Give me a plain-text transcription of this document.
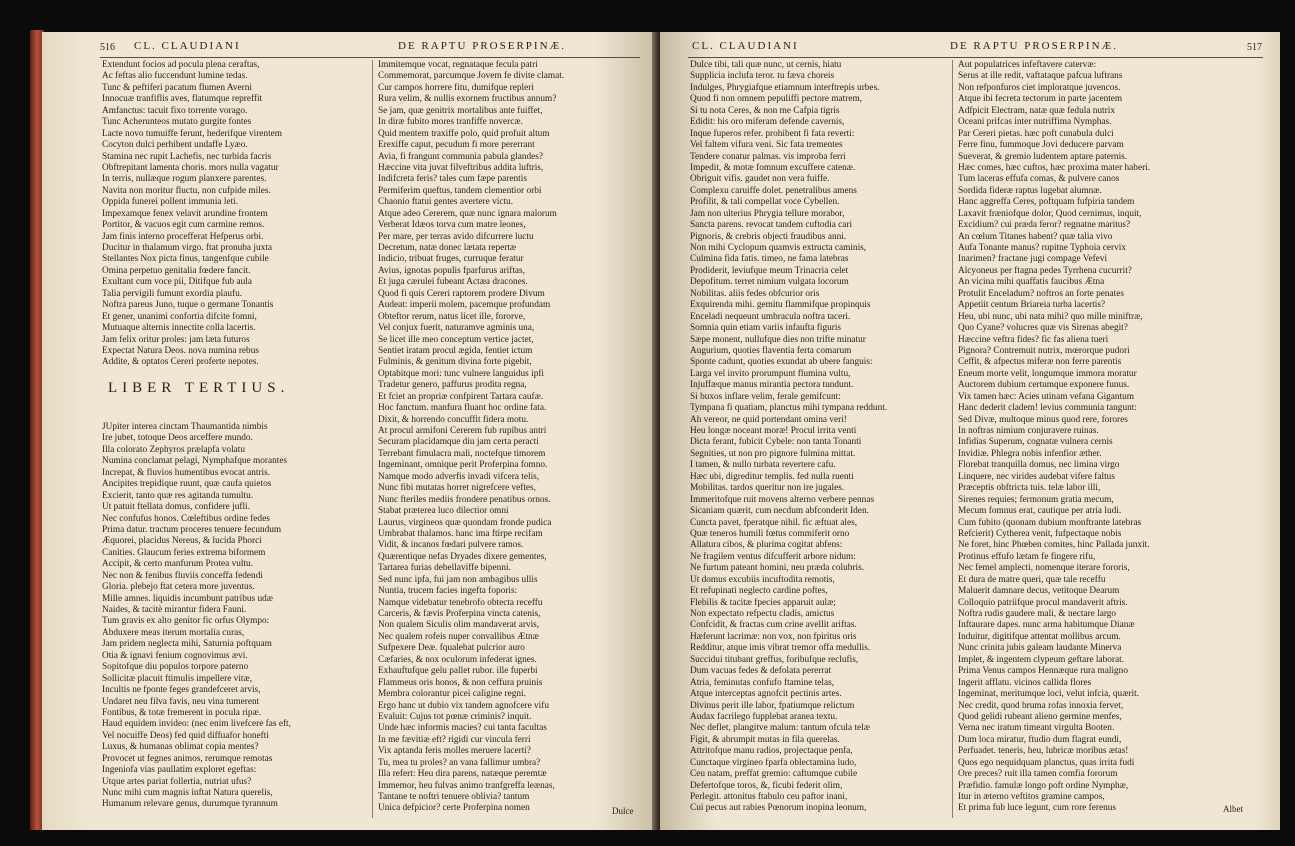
516 CL. CLAUDIANI	DE RAPTU PROSERPINÆ.
Extendunt focios ad pocula plena ceraftas,
Ac feftas alio fuccendunt lumine tedas.
Tunc & peftiferi pacatum flumen Averni
Innocuæ tranfiflis aves, flatumque repreffit
Amfanctus: tacuit fixo torrente vorago.
Tunc Acherunteos mutato gurgite fontes
Lacte novo tumuiffe ferunt, hederifque virentem
Cocyton dulci perhibent undaffe Lyæo.
Stamina nec rupit Lachefis, nec turbida facris
Obftrepitant lamenta choris. mors nulla vagatur
In terris, nullæque rogum planxere parentes.
Navita non moritur fluctu, non cufpide miles.
Oppida funerei pollent immunia leti.
Impexamque fenex velavit arundine frontem
Portitor, & vacuos egit cum carmine remos.
Jam finis interno procefferat Hefperus orbi.
Ducitur in thalamum virgo. ftat pronuba juxta
Stellantes Nox picta finus, tangenfque cubile
Omina perpetuo genitalia fœdere fancit.
Exultant cum voce pii, Ditifque fub aula
Talia pervigili fumunt exordia plaufu.
Noftra pareus Juno, tuque o germane Tonantis
Et gener, unanimi confortia difcite fomni,
Mutuaque alternis innectite colla lacertis.
Jam felix oritur proles: jam læta futuros
Expectat Natura Deos. nova numina rebus
Addite, & optatos Cereri proferte nepotes.
LIBER TERTIUS.
JUpiter interea cinctam Thaumantida nimbis
Ire jubet, totoque Deos arceffere mundo.
Illa colorato Zephyros prælapfa volatu
Numina conclamat pelagi, Nymphafque morantes
Increpat, & fluvios humentibus evocat antris.
Ancipites trepidique ruunt, quæ caufa quietos
Excierit, tanto quæ res agitanda tumultu.
Ut patuit ftellata domus, confidere jufli.
Nec confufus honos. Cœleftibus ordine fedes
Prima datur. tractum proceres tenuere fecundum
Æquorei, placidus Nereus, & lucida Phorci
Canities. Glaucum feries extrema biformem
Accipit, & certo manfurum Protea vultu.
Nec non & fenibus fluviis conceffa fedendi
Gloria. plebejo ftat cetera more juventus.
Mille amnes. liquidis incumbunt patribus udæ
Naides, & tacitè mirantur fidera Fauni.
Tum gravis ex alto genitor fic orfus Olympo:
Abduxere meas iterum mortalia curas,
Jam pridem neglecta mihi, Saturnia poftquam
Otia & ignavi fenium cognovimus ævi.
Sopitofque diu populos torpore paterno
Sollicitæ placuit ftimulis impellere vitæ,
Incultis ne fponte feges grandefceret arvis,
Undaret neu filva favis, neu vina tumerent
Fontibus, & totæ fremerent in pocula ripæ.
Haud equidem invideo: (nec enim livefcere fas eft,
Vel nocuiffe Deos) fed quid diffuafor honefti
Luxus, & humanas oblimat copia mentes?
Provocet ut fegnes animos, rerumque remotas
Ingeniofa vias paullatim exploret egeftas:
Utque artes pariat follertia, nutriat ufus?
Nunc mihi cum magnis inftat Natura querelis,
Humanum relevare genus, durumque tyrannum
Immitemque vocat, regnataque fecula patri
Commemorat, parcumque Jovem fe divite clamat.
Cur campos horrere fitu, dumifque repleri
Rura velim, & nullis exornem fructibus annum?
Se jam, quæ genitrix mortalibus ante fuiffet,
In diræ fubito mores tranfiffe novercæ.
Quid mentem traxiffe polo, quid profuit altum
Erexiffe caput, pecudum fi more pererrant
Avia, fi frangunt communia pabula glandes?
Hæccine vita juvat filveftribus addita luftris,
Indifcreta feris? tales cum fæpe parentis
Permiferim queftus, tandem clementior orbi
Chaonio ftatui gentes avertere victu.
Atque adeo Cererem, quæ nunc ignara malorum
Verberat Idæos torva cum matre leones,
Per mare, per terras avido difcurrere luctu
Decretum, natæ donec lætata repertæ
Indicio, tribuat fruges, curruque feratur
Avius, ignotas populis fparfurus ariftas,
Et juga cærulei fubeant Actæa dracones.
Quod fi quis Cereri raptorem prodere Divum
Audeat: imperii molem, pacemque profundam
Obteftor rerum, natus licet ille, fororve,
Vel conjux fuerit, naturamve agminis una,
Se licet ille meo conceptum vertice jactet,
Sentiet iratam procul ægida, fentiet ictum
Fulminis, & genitum divina forte pigebit,
Optabitque mori: tunc vulnere languidus ipfi
Tradetur genero, paffurus prodita regna,
Et fciet an propriæ confpirent Tartara caufæ.
Hoc fanctum. manfura fluant hoc ordine fata.
Dixit, & horrendo concuffit fidera motu.
At procul armifoni Cererem fub rupibus antri
Securam placidamque diu jam certa peracti
Terrebant fimulacra mali, noctefque timorem
Ingeminant, omnique perit Proferpina fomno.
Namque modo adverfis invadi vifcera telis,
Nunc fibi mutatas horret nigrefcere veftes,
Nunc fteriles mediis frondere penatibus ornos.
Stabat præterea luco dilectior omni
Laurus, virgineos quæ quondam fronde pudica
Umbrabat thalamos. hanc ima ftirpe recifam
Vidit, & incanos fœdari pulvere ramos.
Quærentique nefas Dryades dixere gementes,
Tartarea furias debellaviffe bipenni.
Sed nunc ipfa, fui jam non ambagibus ullis
Nuntia, trucem facies ingefta foporis:
Namque videbatur tenebrofo obtecta receffu
Carceris, & fævis Proferpina vincta catenis,
Non qualem Siculis olim mandaverat arvis,
Nec qualem rofeis nuper convallibus Ætnæ
Sufpexere Deæ. fqualebat pulcrior auro
Cæfaries, & nox oculorum infederat ignes.
Exhauftufque gelu pallet rubor. ille fuperbi
Flammeus oris honos, & non ceffura pruinis
Membra colorantur picei caligine regni.
Ergo hanc ut dubio vix tandem agnofcere vifu
Evaluit: Cujus tot pœnæ criminis? inquit.
Unde hæc informis macies? cui tanta facultas
In me fævitiæ eft? rigidi cur vincula ferri
Vix aptanda feris molles meruere lacerti?
Tu, mea tu proles? an vana fallimur umbra?
Illa refert: Heu dira parens, natæque peremtæ
Immemor, heu fulvas animo tranfgreffa leænas,
Tantane te noftri tenuere oblivia? tantum
Unica defpicior? certe Proferpina nomen	Dulce
CL. CLAUDIANI	DE RAPTU PROSERPINÆ.	517
Dulce tibi, tali quæ nunc, ut cernis, hiatu
Supplicia inclufa teror. tu fæva choreis
Indulges, Phrygiafque etiamnum interftrepis urbes.
Quod fi non omnem pepuliffi pectore matrem,
Si tu nota Ceres, & non me Cafpia tigris
Edidit: his oro miferam defende cavernis,
Inque fuperos refer. prohibent fi fata reverti:
Vel faltem vifura veni. Sic fata trementes
Tendere conatur palmas. vis improba ferri
Impedit, & motæ fomnum excuffere catenæ.
Obriguit vifis. gaudet non vera fuiffe.
Complexu caruiffe dolet. penetralibus amens
Profilit, & tali compellat voce Cybellen.
Jam non ulterius Phrygia tellure morabor,
Sancta parens. revocat tandem cuftodia cari
Pignoris, & crebris objecti fraudibus anni.
Non mihi Cyclopum quamvis extructa caminis,
Culmina fida fatis. timeo, ne fama latebras
Prodiderit, leviufque meum Trinacria celet
Depofitum. terret nimium vulgata locorum
Nobilitas. aliis fedes obfcurior oris
Exquirenda mihi. gemitu flammifque propinquis
Enceladi nequeunt umbracula noftra taceri.
Somnia quin etiam variis infaufta figuris
Sæpe monent, nullufque dies non trifte minatur
Augurium, quoties flaventia ferta comarum
Sponte cadunt, quoties exundat ab ubere fanguis:
Larga vel invito prorumpunt flumina vultu,
Injuffæque manus mirantia pectora tundunt.
Si buxos inflare velim, ferale gemifcunt:
Tympana fi quatiam, planctus mihi tympana reddunt.
Ah vereor, ne quid portendant omina veri!
Heu longæ noceant moræ! Procul irrita venti
Dicta ferant, fubicit Cybele: non tanta Tonanti
Segnities, ut non pro pignore fulmina mittat.
I tamen, & nullo turbata revertere cafu.
Hæc ubi, digreditur templis. fed nulla ruenti
Mobilitas. tardos queritur non ire jugales.
Immeritofque ruit movens alterno verbere pennas
Sicaniam quærit, cum necdum abfconderit Iden.
Cuncta pavet, fperatque nihil. fic æftuat ales,
Quæ teneros humili fœtus commiferit orno
Allatura cibos, & plurima cogitat abfens:
Ne fragilem ventus difcufferit arbore nidum:
Ne furtum pateant homini, neu præda colubris.
Ut domus excubiis incuftodita remotis,
Et refupinati neglecto cardine poftes,
Flebilis & tacitæ fpecies apparuit aulæ;
Non expectato refpectu cladis, amictus
Confcidit, & fractas cum crine avellit ariftas.
Hæferunt lacrimæ: non vox, non fpiritus oris
Redditur, atque imis vibrat tremor offa medullis.
Succidui titubant greffus, foribufque reclufis,
Dum vacuas fedes & defolata pererrat
Atria, feminutas confufo ftamine telas,
Atque interceptas agnofcit pectinis artes.
Divinus perit ille labor, fpatiumque relictum
Audax facrilego fupplebat aranea textu.
Nec deflet, plangitve malum: tantum ofcula telæ
Figit, & abrumpit mutas in fila querelas.
Attritofque manu radios, projectaque penfa,
Cunctaque virgineo fparfa oblectamina ludo,
Ceu natam, preffat gremio: caftumque cubile
Defertofque toros, &, ficubi federit olim,
Perlegit. attonitus ftabulo ceu paftor inani,
Cui pecus aut rabies Pœnorum inopina leonum,
Aut populatrices infeftavere catervæ:
Serus at ille redit, vaftataque pafcua luftrans
Non refponfuros ciet imploratque juvencos.
Atque ibi fecreta tectorum in parte jacentem
Adfpicit Electram, natæ quæ fedula nutrix
Oceani prifcas inter nutriffima Nymphas.
Par Cereri pietas. hæc poft cunabula dulci
Ferre finu, fummoque Jovi deducere parvam
Sueverat, & gremio ludentem aptare paternis.
Hæc comes, hæc cuftos, hæc proxima mater haberi.
Tum laceras effufa comas, & pulvere canos
Sordida fideræ raptus lugebat alumnæ.
Hanc aggreffa Ceres, poftquam fufpiria tandem
Laxavit fræniofque dolor, Quod cernimus, inquit,
Excidium? cui præda feror? regnatne maritus?
An cœlum Titanes habent? quæ talia vivo
Aufa Tonante manus? rupitne Typhoia cervix
Inarimen? fractane jugi compage Vefevi
Alcyoneus per ftagna pedes Tyrrhena cucurrit?
An vicina mihi quaffatis faucibus Ætna
Protulit Enceladum? noftros an forte penates
Appetiit centum Briareia turba lacertis?
Heu, ubi nunc, ubi nata mihi? quo mille miniftræ,
Quo Cyane? volucres quæ vis Sirenas abegit?
Hæccine veftra fides? fic fas aliena tueri
Pignora? Contremuit nutrix, mœrorque pudori
Ceffit, & afpectus miferæ non ferre parentis
Eneum morte velit, longumque immora moratur
Auctorem dubium certumque exponere funus.
Vix tamen hæc: Acies utinam vefana Gigantum
Hanc dederit cladem! levius communia tangunt:
Sed Divæ, multoque minus quod rere, forores
In noftras nimium conjuravere ruinas.
Infidias Superum, cognatæ vulnera cernis
Invidiæ. Phlegra nobis infenfior æther.
Florebat tranquilla domus, nec limina virgo
Linquere, nec virides audebat vifere faltus
Præceptis obftricta tuis. telæ labor illi,
Sirenes requies; fermonum gratia mecum,
Mecum fomnus erat, cautique per atria ludi.
Cum fubito (quonam dubium monftrante latebras
Refcierit) Cytherea venit, fufpectaque nobis
Ne foret, hinc Phœben comites, hinc Pallada junxit.
Protinus effufo lætam fe fingere rifu,
Nec femel amplecti, nomenque iterare fororis,
Et dura de matre queri, quæ tale receffu
Maluerit damnare decus, vetitoque Dearum
Colloquio patriifque procul mandaverit aftris.
Noftra rudis gaudere mali, & nectare largo
Inftaurare dapes. nunc arma habitumque Dianæ
Induitur, digitifque attentat mollibus arcum.
Nunc crinita jubis galeam laudante Minerva
Implet, & ingentem clypeum geftare laborat.
Prima Venus campos Hennæque rura maligno
Ingerit afflatu. vicinos callida flores
Ingeminat, meritumque loci, velut infcia, quærit.
Nec credit, quod bruma rofas innoxia fervet,
Quod gelidi rubeant alieno germine menfes,
Verna nec iratum timeant virgulta Booten.
Dum loca miratur, ftudio dum flagrat eundi,
Perfuadet. teneris, heu, lubricæ moribus ætas!
Quos ego nequidquam planctus, quas irrita fudi
Ore preces? ruit illa tamen comfia fororum
Præfidio. famulæ longo poft ordine Nymphæ,
Itur in æterno veftitos gramine campos,
Et prima fub luce legunt, cum rore ferenus	Albet
